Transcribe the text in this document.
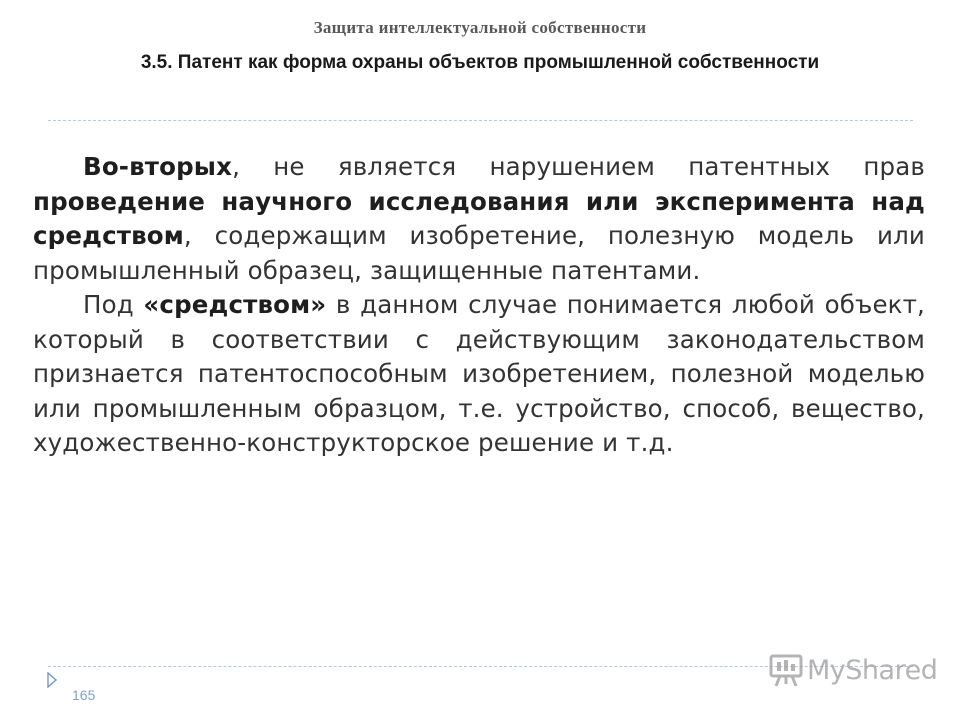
Защита интеллектуальной собственности
3.5. Патент как форма охраны объектов промышленной собственности

Во-вторых, не является нарушением патентных прав проведение научного исследования или эксперимента над средством, содержащим изобретение, полезную модель или промышленный образец, защищенные патентами.

Под «средством» в данном случае понимается любой объект, который в соответствии с действующим законодательством признается патентоспособным изобретением, полезной моделью или промышленным образцом, т.е. устройство, способ, вещество, художественно-конструкторское решение и т.д.

165
MyShared
